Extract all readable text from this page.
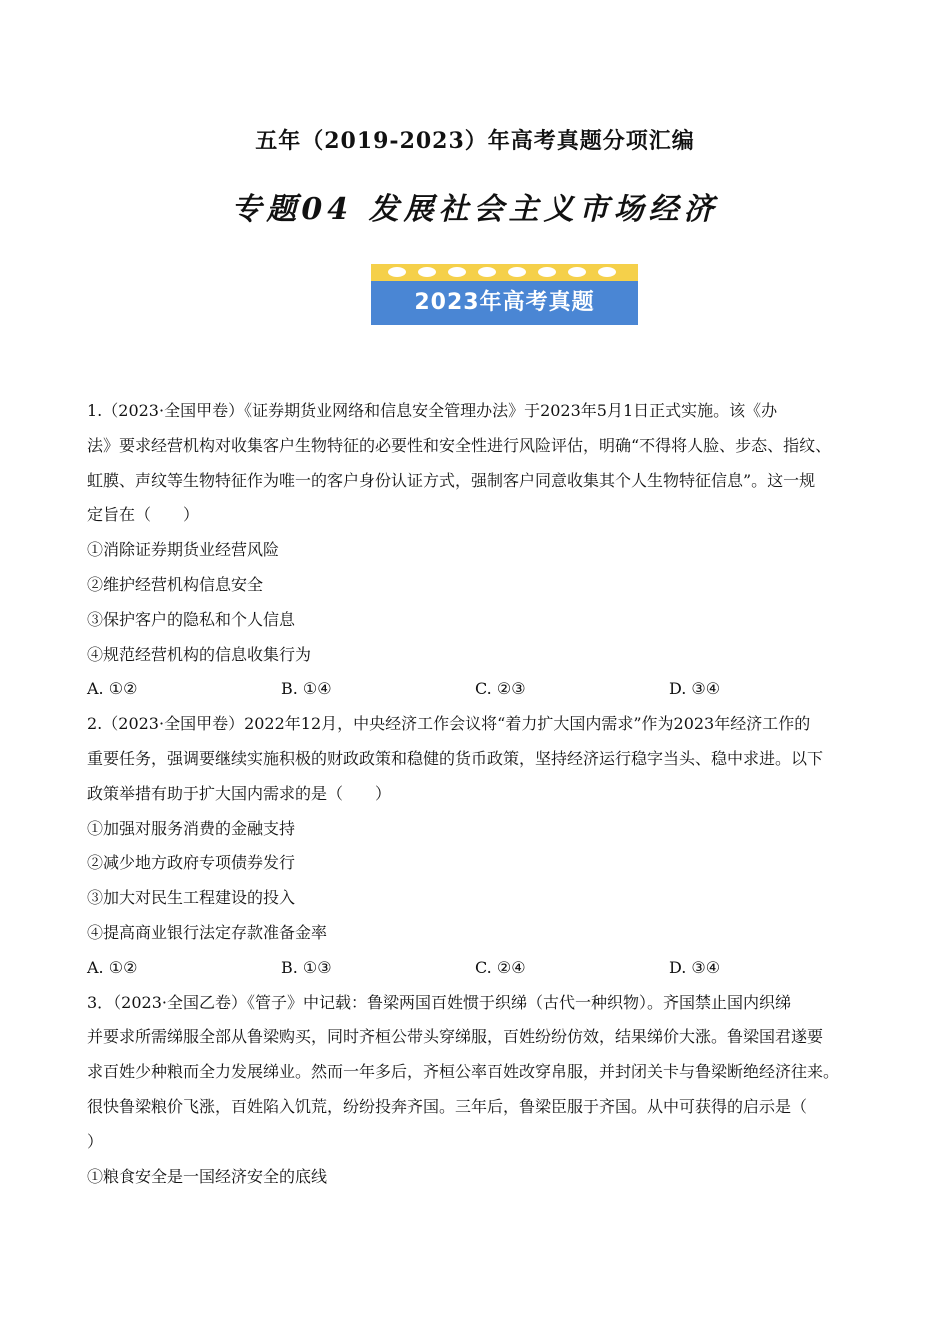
五年（2019-2023）年高考真题分项汇编
专题04 发展社会主义市场经济
2023年高考真题
1.（2023·全国甲卷）《证券期货业网络和信息安全管理办法》于2023年5月1日正式实施。该《办
法》要求经营机构对收集客户生物特征的必要性和安全性进行风险评估，明确“不得将人脸、步态、指纹、
虹膜、声纹等生物特征作为唯一的客户身份认证方式，强制客户同意收集其个人生物特征信息”。这一规
定旨在（　　）
①消除证券期货业经营风险
②维护经营机构信息安全
③保护客户的隐私和个人信息
④规范经营机构的信息收集行为
A. ①②	B. ①④	C. ②③	D. ③④
2.（2023·全国甲卷）2022年12月，中央经济工作会议将“着力扩大国内需求”作为2023年经济工作的
重要任务，强调要继续实施积极的财政政策和稳健的货币政策，坚持经济运行稳字当头、稳中求进。以下
政策举措有助于扩大国内需求的是（　　）
①加强对服务消费的金融支持
②减少地方政府专项债券发行
③加大对民生工程建设的投入
④提高商业银行法定存款准备金率
A. ①②	B. ①③	C. ②④	D. ③④
3．（2023·全国乙卷）《管子》中记载：鲁梁两国百姓惯于织绨（古代一种织物）。齐国禁止国内织绨
并要求所需绨服全部从鲁梁购买，同时齐桓公带头穿绨服，百姓纷纷仿效，结果绨价大涨。鲁梁国君遂要
求百姓少种粮而全力发展绨业。然而一年多后，齐桓公率百姓改穿帛服，并封闭关卡与鲁梁断绝经济往来。
很快鲁梁粮价飞涨，百姓陷入饥荒，纷纷投奔齐国。三年后，鲁梁臣服于齐国。从中可获得的启示是（
）
①粮食安全是一国经济安全的底线
